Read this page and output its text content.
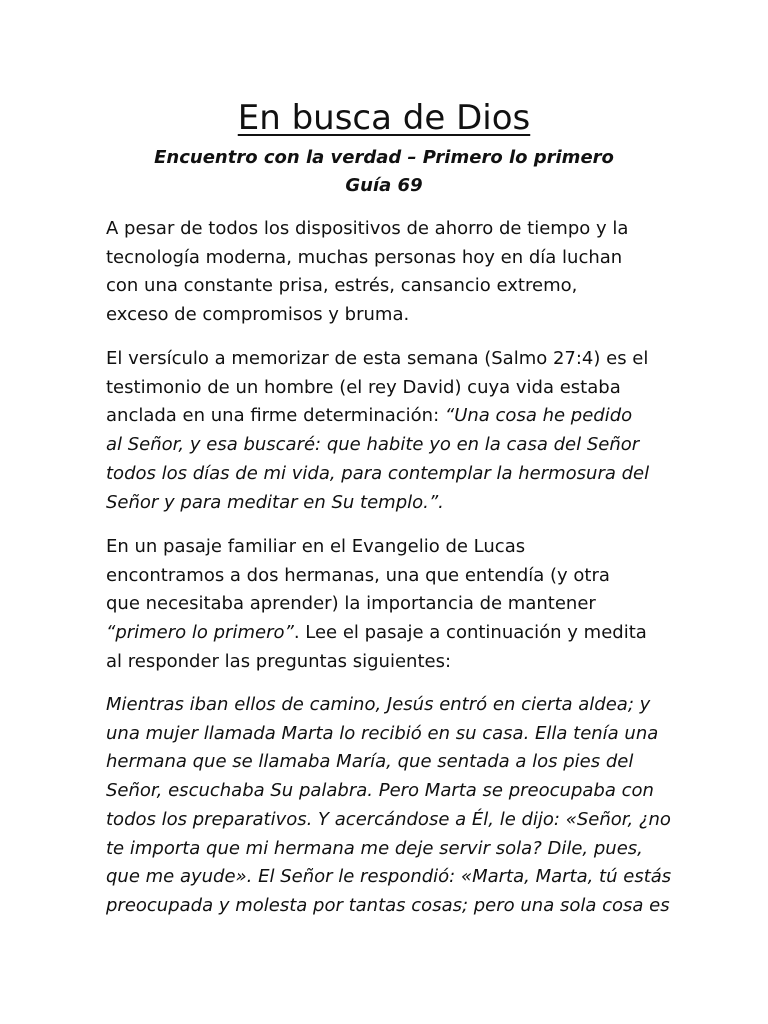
En busca de Dios

Encuentro con la verdad – Primero lo primero

Guía 69

A pesar de todos los dispositivos de ahorro de tiempo y la
tecnología moderna, muchas personas hoy en día luchan
con una constante prisa, estrés, cansancio extremo,
exceso de compromisos y bruma.

El versículo a memorizar de esta semana (Salmo 27:4) es el
testimonio de un hombre (el rey David) cuya vida estaba
anclada en una firme determinación: “Una cosa he pedido
al Señor, y esa buscaré: que habite yo en la casa del Señor
todos los días de mi vida, para contemplar la hermosura del
Señor y para meditar en Su templo.”.

En un pasaje familiar en el Evangelio de Lucas
encontramos a dos hermanas, una que entendía (y otra
que necesitaba aprender) la importancia de mantener
“primero lo primero”. Lee el pasaje a continuación y medita
al responder las preguntas siguientes:

Mientras iban ellos de camino, Jesús entró en cierta aldea; y
una mujer llamada Marta lo recibió en su casa. Ella tenía una
hermana que se llamaba María, que sentada a los pies del
Señor, escuchaba Su palabra. Pero Marta se preocupaba con
todos los preparativos. Y acercándose a Él, le dijo: «Señor, ¿no
te importa que mi hermana me deje servir sola? Dile, pues,
que me ayude». El Señor le respondió: «Marta, Marta, tú estás
preocupada y molesta por tantas cosas; pero una sola cosa es
